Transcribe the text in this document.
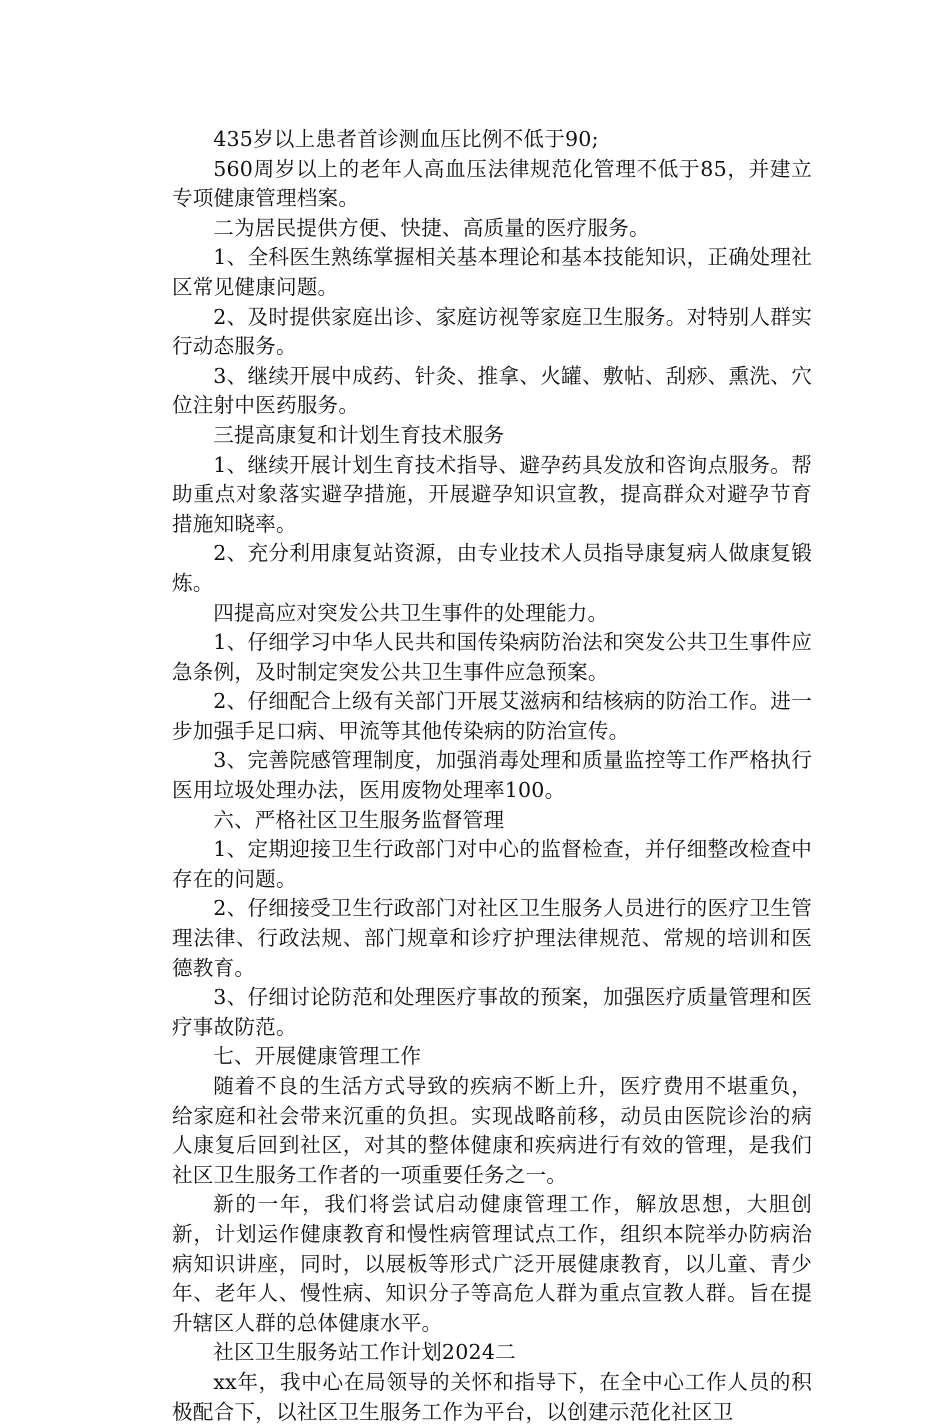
435岁以上患者首诊测血压比例不低于90;

560周岁以上的老年人高血压法律规范化管理不低于85，并建立专项健康管理档案。

二为居民提供方便、快捷、高质量的医疗服务。

1、全科医生熟练掌握相关基本理论和基本技能知识，正确处理社区常见健康问题。

2、及时提供家庭出诊、家庭访视等家庭卫生服务。对特别人群实行动态服务。

3、继续开展中成药、针灸、推拿、火罐、敷帖、刮痧、熏洗、穴位注射中医药服务。

三提高康复和计划生育技术服务

1、继续开展计划生育技术指导、避孕药具发放和咨询点服务。帮助重点对象落实避孕措施，开展避孕知识宣教，提高群众对避孕节育措施知晓率。

2、充分利用康复站资源，由专业技术人员指导康复病人做康复锻炼。

四提高应对突发公共卫生事件的处理能力。

1、仔细学习中华人民共和国传染病防治法和突发公共卫生事件应急条例，及时制定突发公共卫生事件应急预案。

2、仔细配合上级有关部门开展艾滋病和结核病的防治工作。进一步加强手足口病、甲流等其他传染病的防治宣传。

3、完善院感管理制度，加强消毒处理和质量监控等工作严格执行医用垃圾处理办法，医用废物处理率100。

六、严格社区卫生服务监督管理

1、定期迎接卫生行政部门对中心的监督检查，并仔细整改检查中存在的问题。

2、仔细接受卫生行政部门对社区卫生服务人员进行的医疗卫生管理法律、行政法规、部门规章和诊疗护理法律规范、常规的培训和医德教育。

3、仔细讨论防范和处理医疗事故的预案，加强医疗质量管理和医疗事故防范。

七、开展健康管理工作

随着不良的生活方式导致的疾病不断上升，医疗费用不堪重负，给家庭和社会带来沉重的负担。实现战略前移，动员由医院诊治的病人康复后回到社区，对其的整体健康和疾病进行有效的管理，是我们社区卫生服务工作者的一项重要任务之一。

新的一年，我们将尝试启动健康管理工作，解放思想，大胆创新，计划运作健康教育和慢性病管理试点工作，组织本院举办防病治病知识讲座，同时，以展板等形式广泛开展健康教育，以儿童、青少年、老年人、慢性病、知识分子等高危人群为重点宣教人群。旨在提升辖区人群的总体健康水平。

社区卫生服务站工作计划2024二

xx年，我中心在局领导的关怀和指导下，在全中心工作人员的积极配合下，以社区卫生服务工作为平台，以创建示范化社区卫
